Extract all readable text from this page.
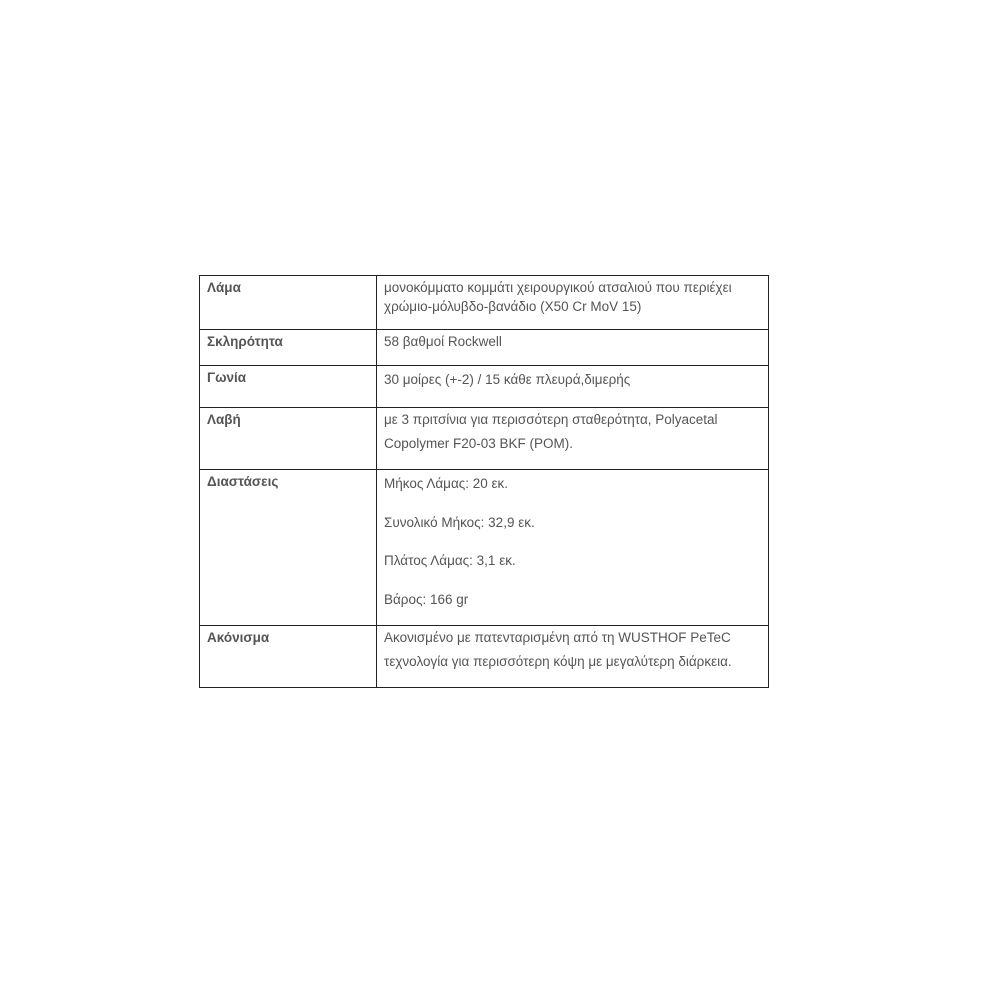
Λάμα	μονοκόμματο κομμάτι χειρουργικού ατσαλιού που περιέχει χρώμιο-μόλυβδο-βανάδιο (X50 Cr MoV 15)
Σκληρότητα	58 βαθμοί Rockwell
Γωνία	30 μοίρες (+-2) / 15 κάθε πλευρά,διμερής
Λαβή	με 3 πριτσίνια για περισσότερη σταθερότητα, Polyacetal Copolymer F20-03 BKF (POM).
Διαστάσεις	Μήκος Λάμας: 20 εκ.

Συνολικό Μήκος: 32,9 εκ.

Πλάτος Λάμας: 3,1 εκ.

Βάρος: 166 gr

Ακόνισμα	Ακονισμένο με πατενταρισμένη από τη WUSTHOF PeTeC τεχνολογία για περισσότερη κόψη με μεγαλύτερη διάρκεια.
